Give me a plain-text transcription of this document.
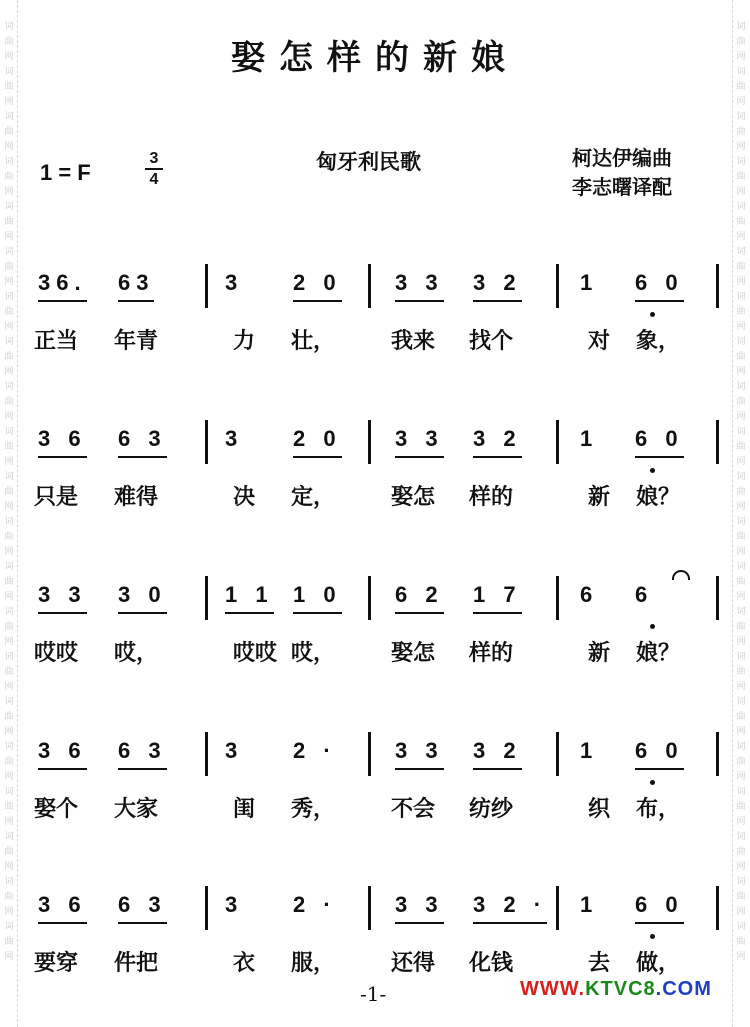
词曲网词曲网词曲网词曲网词曲网词曲网词曲网词曲网词曲网词曲网词曲网词曲网词曲网词曲网词曲网词曲网词曲网词曲网词曲网词曲网词曲网
词曲网词曲网词曲网词曲网词曲网词曲网词曲网词曲网词曲网词曲网词曲网词曲网词曲网词曲网词曲网词曲网词曲网词曲网词曲网词曲网词曲网
娶怎样的新娘
1 = F
3
4
匈牙利民歌	柯达伊编曲
李志曙译配
36. 63
正当 年青
3 2 0
力 壮，
3 3 3 2
我来 找个
1 6 0
对 象，
3 6 6 3
只是 难得
3 2 0
决 定，
3 3 3 2
娶怎 样的
1 6 0
新 娘？
3 3 3 0
哎哎 哎，
1 1 1 0
哎哎 哎，
6 2 1 7
娶怎 样的
6 6
新 娘？
3 6 6 3
娶个 大家
3 2 ·
闺 秀，
3 3 3 2
不会 纺纱
1 6 0
织 布，
3 6 6 3
要穿 件把
3 2 ·
衣 服，
3 3 3 2 ·
还得 化钱
1 6 0
去 做，
-1-	WWW.KTVC8.COM
